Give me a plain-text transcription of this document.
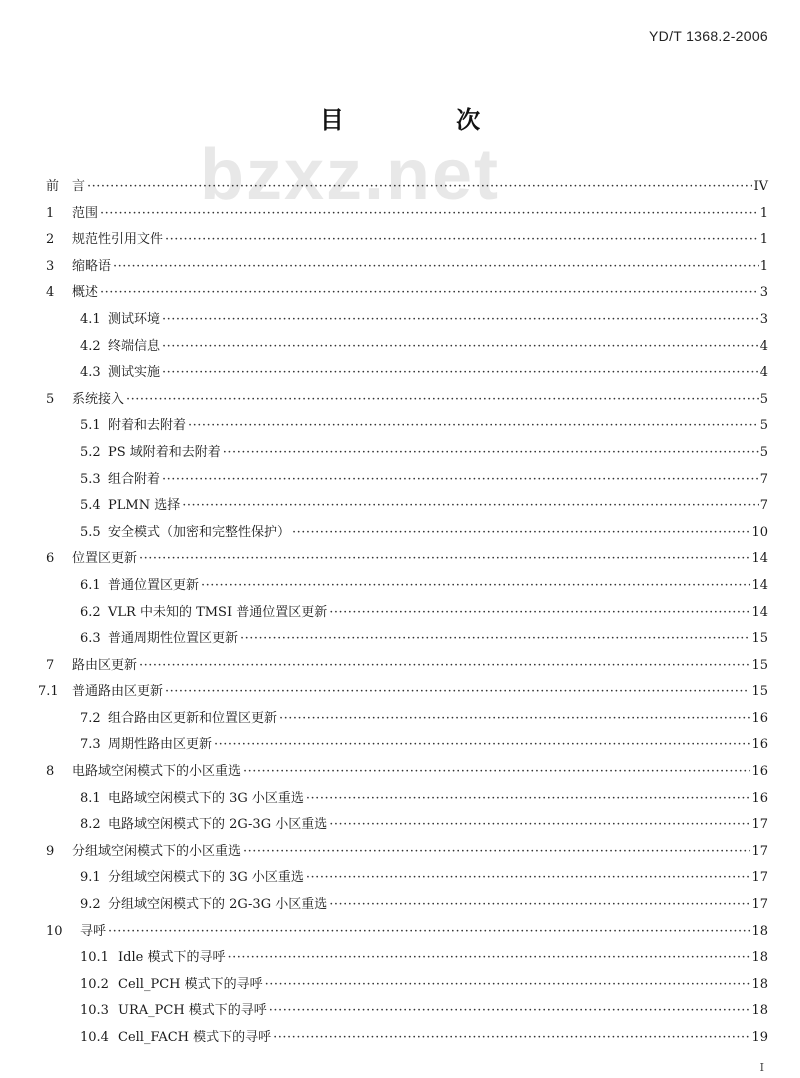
YD/T 1368.2-2006
bzxz.net
目 次
前 言 ·····	IV
1	范围 ·····	1
2	规范性引用文件 ·····	1
3	缩略语 ·····	1
4	概述 ·····	3
4.1 测试环境 ·····	3
4.2 终端信息 ·····	4
4.3 测试实施 ·····	4
5	系统接入 ·····	5
5.1 附着和去附着 ·····	5
5.2 PS 域附着和去附着 ·····	5
5.3 组合附着 ·····	7
5.4 PLMN 选择 ·····	7
5.5 安全模式（加密和完整性保护） ·····	10
6	位置区更新 ·····	14
6.1 普通位置区更新 ·····	14
6.2 VLR 中未知的 TMSI 普通位置区更新 ·····	14
6.3 普通周期性位置区更新 ·····	15
7	路由区更新 ·····	15
7.1	普通路由区更新 ·····	15
7.2 组合路由区更新和位置区更新 ·····	16
7.3 周期性路由区更新 ·····	16
8	电路域空闲模式下的小区重选 ·····	16
8.1 电路域空闲模式下的 3G 小区重选 ·····	16
8.2 电路域空闲模式下的 2G-3G 小区重选 ·····	17
9	分组域空闲模式下的小区重选 ·····	17
9.1 分组域空闲模式下的 3G 小区重选 ·····	17
9.2 分组域空闲模式下的 2G-3G 小区重选 ·····	17
10	寻呼 ·····	18
10.1 Idle 模式下的寻呼 ·····	18
10.2 Cell_PCH 模式下的寻呼 ·····	18
10.3 URA_PCH 模式下的寻呼 ·····	18
10.4 Cell_FACH 模式下的寻呼 ·····	19
I
